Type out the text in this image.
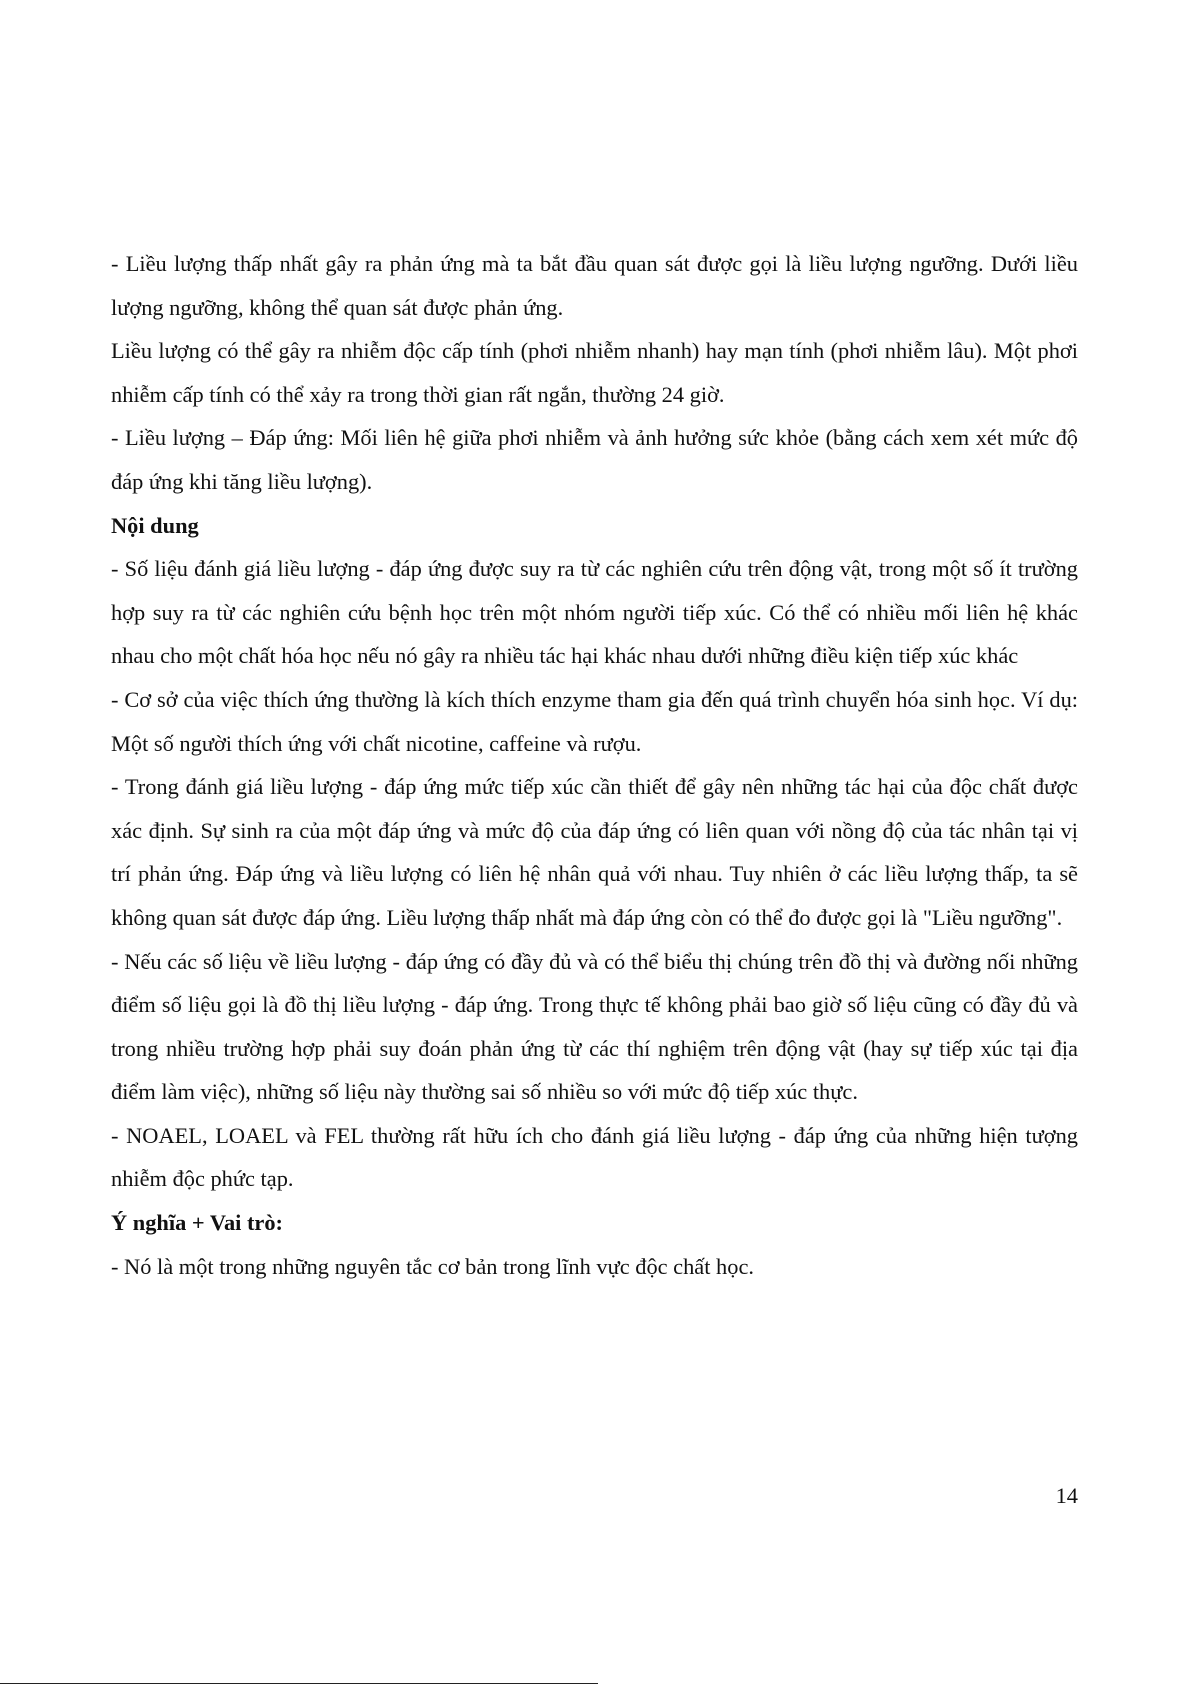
- Liều lượng thấp nhất gây ra phản ứng mà ta bắt đầu quan sát được gọi là liều lượng ngưỡng. Dưới liều lượng ngưỡng, không thể quan sát được phản ứng.

Liều lượng có thể gây ra nhiễm độc cấp tính (phơi nhiễm nhanh) hay mạn tính (phơi nhiễm lâu). Một phơi nhiễm cấp tính có thể xảy ra trong thời gian rất ngắn, thường 24 giờ.

- Liều lượng – Đáp ứng: Mối liên hệ giữa phơi nhiễm và ảnh hưởng sức khỏe (bằng cách xem xét mức độ đáp ứng khi tăng liều lượng).

Nội dung

- Số liệu đánh giá liều lượng - đáp ứng được suy ra từ các nghiên cứu trên động vật, trong một số ít trường hợp suy ra từ các nghiên cứu bệnh học trên một nhóm người tiếp xúc. Có thể có nhiều mối liên hệ khác nhau cho một chất hóa học nếu nó gây ra nhiều tác hại khác nhau dưới những điều kiện tiếp xúc khác

- Cơ sở của việc thích ứng thường là kích thích enzyme tham gia đến quá trình chuyển hóa sinh học. Ví dụ: Một số người thích ứng với chất nicotine, caffeine và rượu.

- Trong đánh giá liều lượng - đáp ứng mức tiếp xúc cần thiết để gây nên những tác hại của độc chất được xác định. Sự sinh ra của một đáp ứng và mức độ của đáp ứng có liên quan với nồng độ của tác nhân tại vị trí phản ứng. Đáp ứng và liều lượng có liên hệ nhân quả với nhau. Tuy nhiên ở các liều lượng thấp, ta sẽ không quan sát được đáp ứng. Liều lượng thấp nhất mà đáp ứng còn có thể đo được gọi là "Liều ngưỡng".

- Nếu các số liệu về liều lượng - đáp ứng có đầy đủ và có thể biểu thị chúng trên đồ thị và đường nối những điểm số liệu gọi là đồ thị liều lượng - đáp ứng. Trong thực tế không phải bao giờ số liệu cũng có đầy đủ và trong nhiều trường hợp phải suy đoán phản ứng từ các thí nghiệm trên động vật (hay sự tiếp xúc tại địa điểm làm việc), những số liệu này thường sai số nhiều so với mức độ tiếp xúc thực.

- NOAEL, LOAEL và FEL thường rất hữu ích cho đánh giá liều lượng - đáp ứng của những hiện tượng nhiễm độc phức tạp.

Ý nghĩa + Vai trò:

- Nó là một trong những nguyên tắc cơ bản trong lĩnh vực độc chất học.

14
